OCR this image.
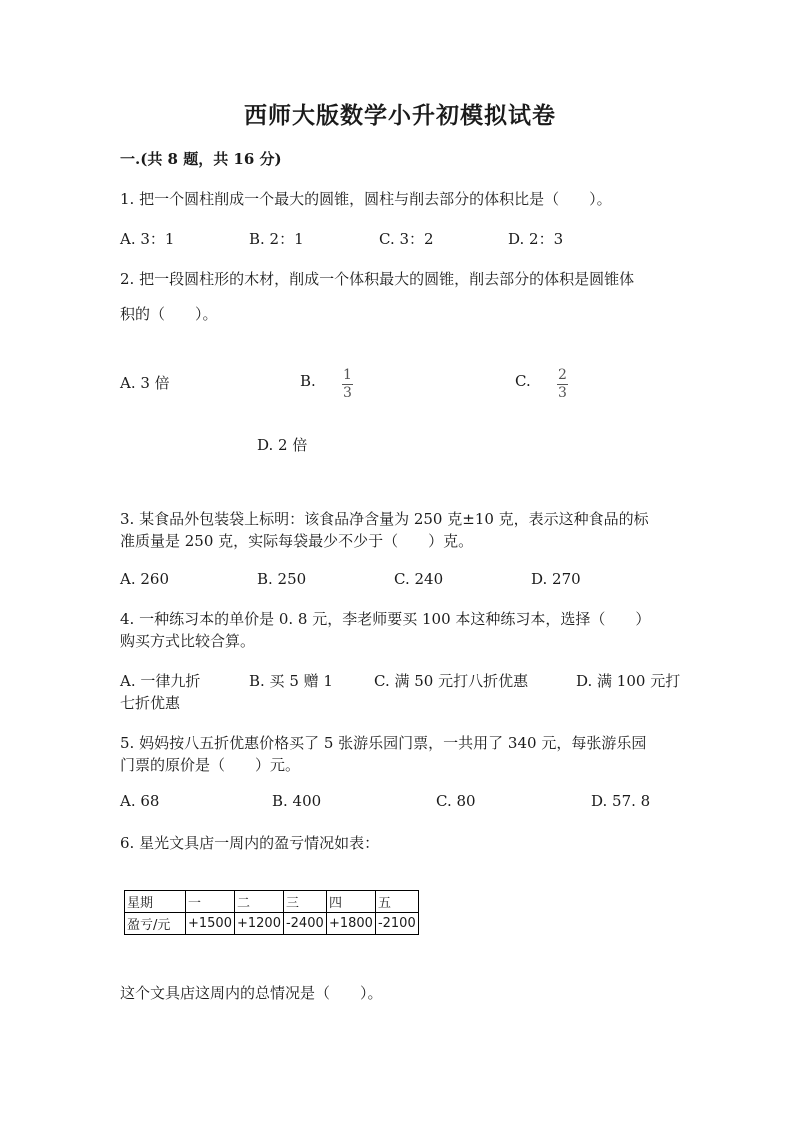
西师大版数学小升初模拟试卷
一.(共 8 题，共 16 分)
1. 把一个圆柱削成一个最大的圆锥，圆柱与削去部分的体积比是（　　）。
A. 3：1	B. 2：1	C. 3：2	D. 2：3
2. 把一段圆柱形的木材，削成一个体积最大的圆锥，削去部分的体积是圆锥体
积的（　　）。
A. 3 倍	B. 1
3
C. 2
3
D. 2 倍
3. 某食品外包装袋上标明：该食品净含量为 250 克±10 克，表示这种食品的标
准质量是 250 克，实际每袋最少不少于（　　）克。
A. 260	B. 250	C. 240	D. 270
4. 一种练习本的单价是 0. 8 元，李老师要买 100 本这种练习本，选择（　　）
购买方式比较合算。
A. 一律九折	B. 买 5 赠 1	C. 满 50 元打八折优惠	D. 满 100 元打
七折优惠
5. 妈妈按八五折优惠价格买了 5 张游乐园门票，一共用了 340 元，每张游乐园
门票的原价是（　　）元。
A. 68	B. 400	C. 80	D. 57. 8
6. 星光文具店一周内的盈亏情况如表：
星期	一	二	三	四	五
盈亏/元	+1500	+1200	-2400	+1800	-2100
这个文具店这周内的总情况是（　　）。
